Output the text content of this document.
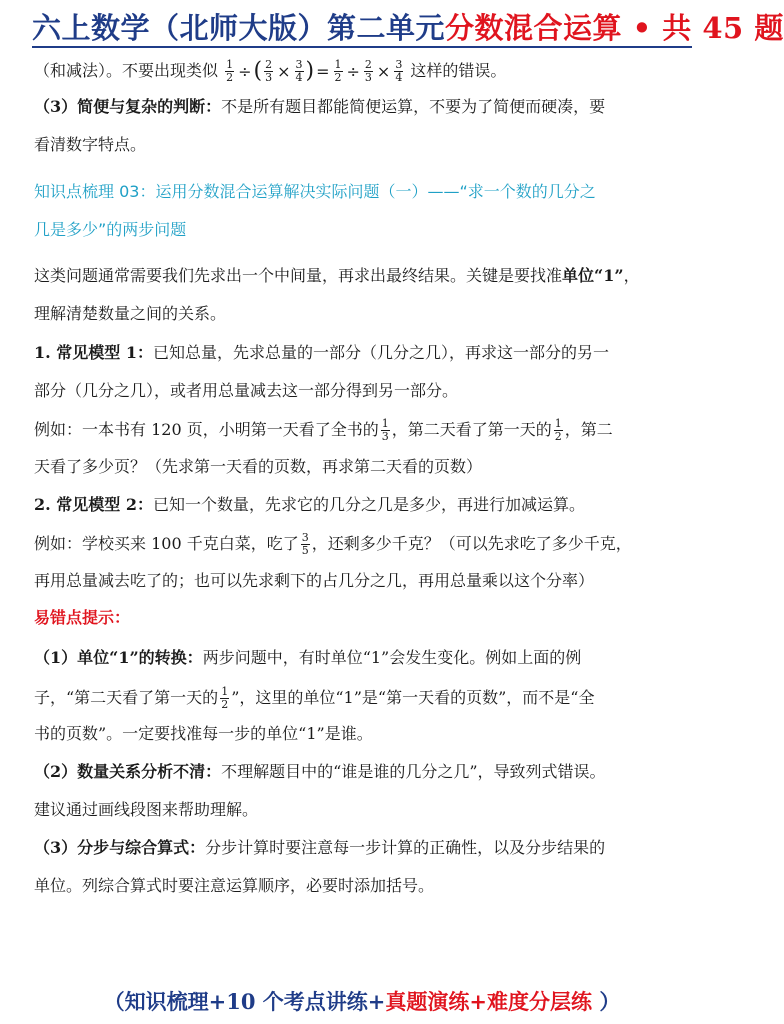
六上数学（北师大版）第二单元分数混合运算 • 共 45 题
（和减法）。不要出现类似 $\frac{1}{2}$ ÷( $\frac{2}{3} \times \frac{3}{4}$ ) = $\frac{1}{2} \div \frac{2}{3} \times \frac{3}{4}$ 这样的错误。
（3）简便与复杂的判断：不是所有题目都能简便运算，不要为了简便而硬凑，要
看清数字特点。
知识点梳理 03：运用分数混合运算解决实际问题（一）——“求一个数的几分之
几是多少”的两步问题
这类问题通常需要我们先求出一个中间量，再求出最终结果。关键是要找准单位“1”，
理解清楚数量之间的关系。
1. 常见模型 1：已知总量，先求总量的一部分（几分之几），再求这一部分的另一
部分（几分之几），或者用总量减去这一部分得到另一部分。
例如：一本书有 120 页，小明第一天看了全书的 $\frac{1}{3}$ ，第二天看了第一天的 $\frac{1}{2}$ ，第二
天看了多少页？（先求第一天看的页数，再求第二天看的页数）
2. 常见模型 2：已知一个数量，先求它的几分之几是多少，再进行加减运算。
例如：学校买来 100 千克白菜，吃了 $\frac{3}{5}$ ，还剩多少千克？（可以先求吃了多少千克，
再用总量减去吃了的；也可以先求剩下的占几分之几，再用总量乘以这个分率）
易错点提示：
（1）单位“1”的转换：两步问题中，有时单位“1”会发生变化。例如上面的例
子，“第二天看了第一天的 $\frac{1}{2}$ ”，这里的单位“1”是“第一天看的页数”，而不是“全
书的页数”。一定要找准每一步的单位“1”是谁。
（2）数量关系分析不清：不理解题目中的“谁是谁的几分之几”，导致列式错误。
建议通过画线段图来帮助理解。
（3）分步与综合算式：分步计算时要注意每一步计算的正确性，以及分步结果的
单位。列综合算式时要注意运算顺序，必要时添加括号。
（知识梳理+10 个考点讲练+真题演练+难度分层练 ）
